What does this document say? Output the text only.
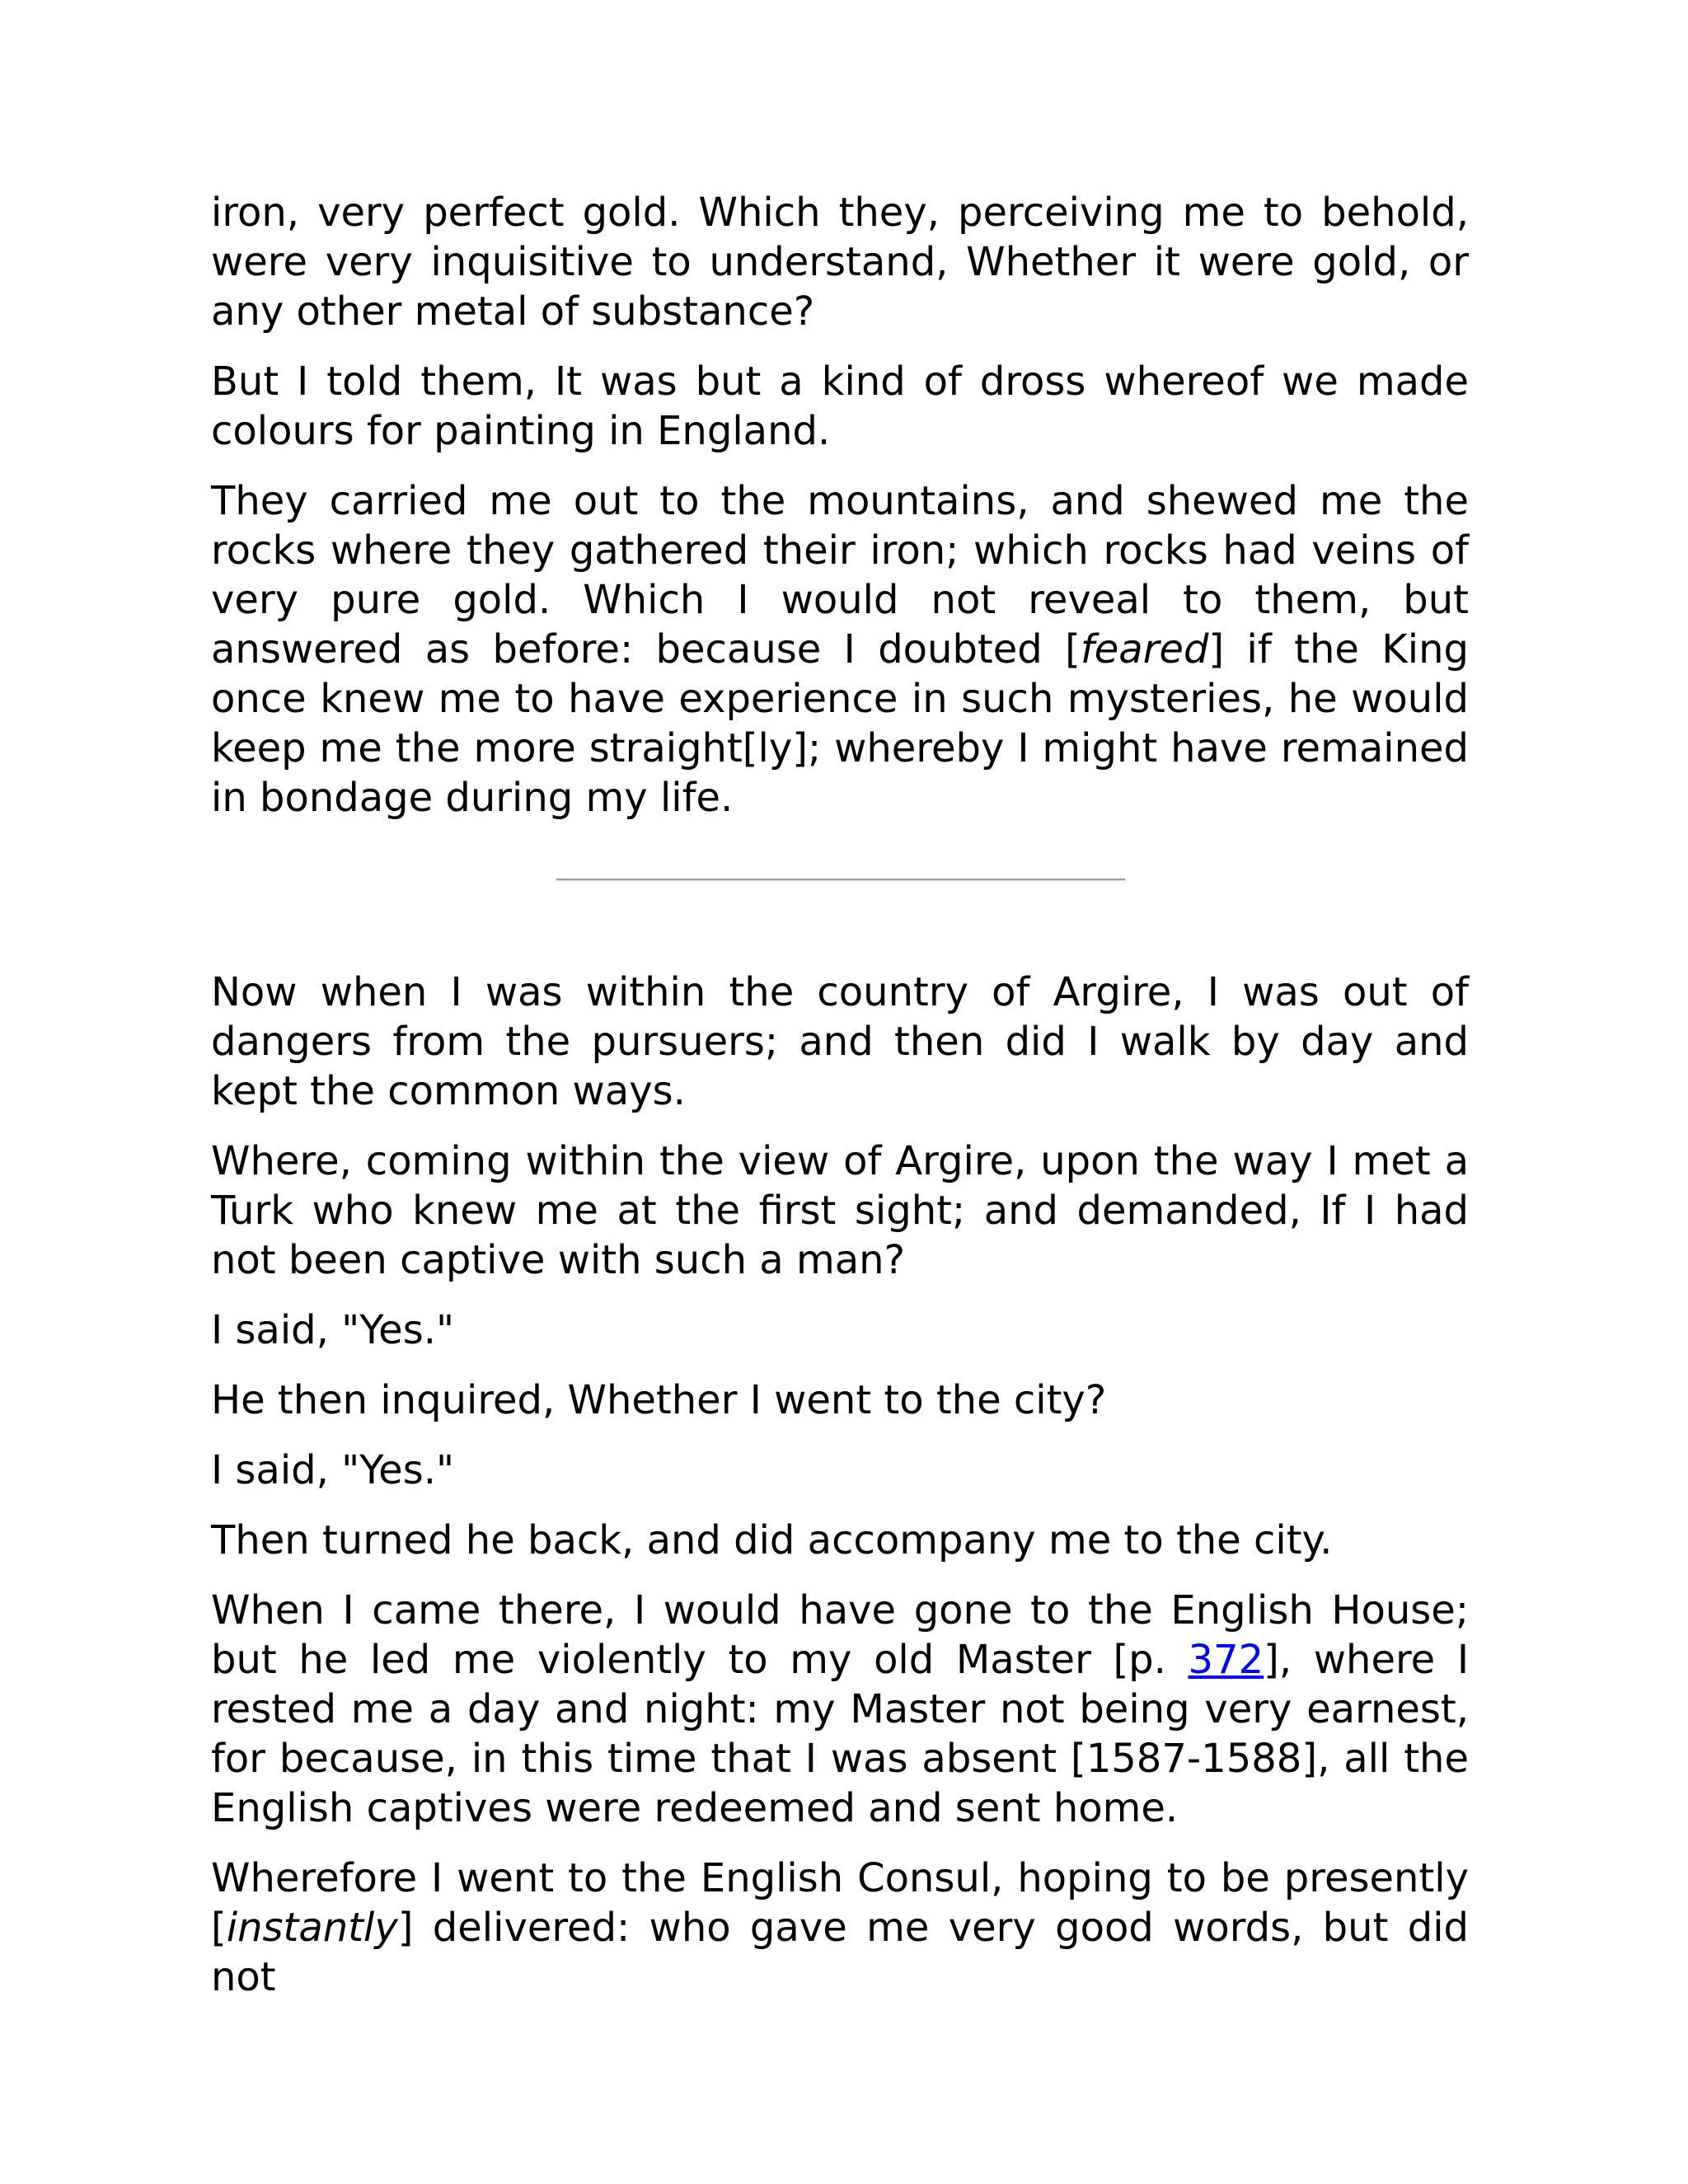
iron, very perfect gold. Which they, perceiving me to behold, were very inquisitive to understand, Whether it were gold, or any other metal of substance?

But I told them, It was but a kind of dross whereof we made colours for painting in England.

They carried me out to the mountains, and shewed me the rocks where they gathered their iron; which rocks had veins of very pure gold. Which I would not reveal to them, but answered as before: because I doubted [feared] if the King once knew me to have experience in such mysteries, he would keep me the more straight[ly]; whereby I might have remained in bondage during my life.

Now when I was within the country of Argire, I was out of dangers from the pursuers; and then did I walk by day and kept the common ways.

Where, coming within the view of Argire, upon the way I met a Turk who knew me at the first sight; and demanded, If I had not been captive with such a man?

I said, "Yes."

He then inquired, Whether I went to the city?

I said, "Yes."

Then turned he back, and did accompany me to the city.

When I came there, I would have gone to the English House; but he led me violently to my old Master [p. 372], where I rested me a day and night: my Master not being very earnest, for because, in this time that I was absent [1587-1588], all the English captives were redeemed and sent home.

Wherefore I went to the English Consul, hoping to be presently [instantly] delivered: who gave me very good words, but did not
